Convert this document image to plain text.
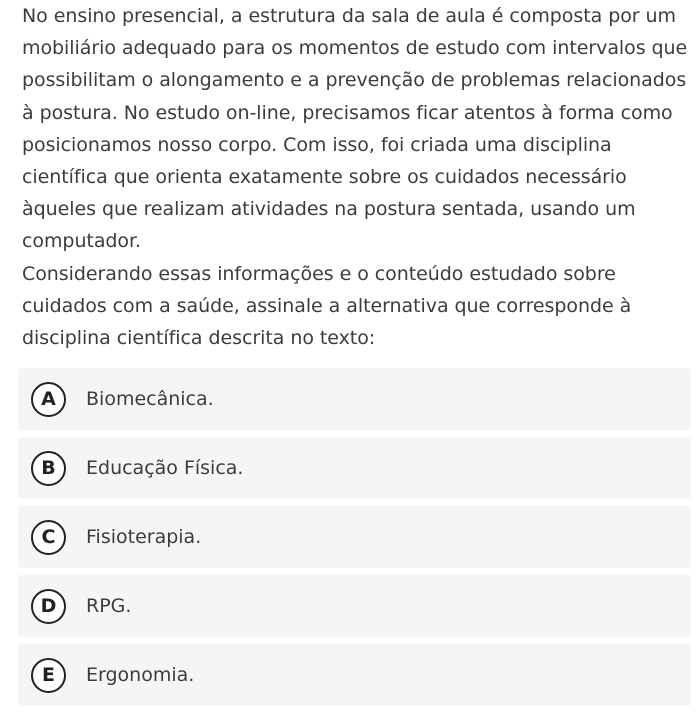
No ensino presencial, a estrutura da sala de aula é composta por um mobiliário adequado para os momentos de estudo com intervalos que possibilitam o alongamento e a prevenção de problemas relacionados à postura. No estudo on-line, precisamos ficar atentos à forma como posicionamos nosso corpo. Com isso, foi criada uma disciplina científica que orienta exatamente sobre os cuidados necessário àqueles que realizam atividades na postura sentada, usando um computador.

Considerando essas informações e o conteúdo estudado sobre cuidados com a saúde, assinale a alternativa que corresponde à disciplina científica descrita no texto:

A	Biomecânica.
B	Educação Física.
C	Fisioterapia.
D	RPG.
E	Ergonomia.
